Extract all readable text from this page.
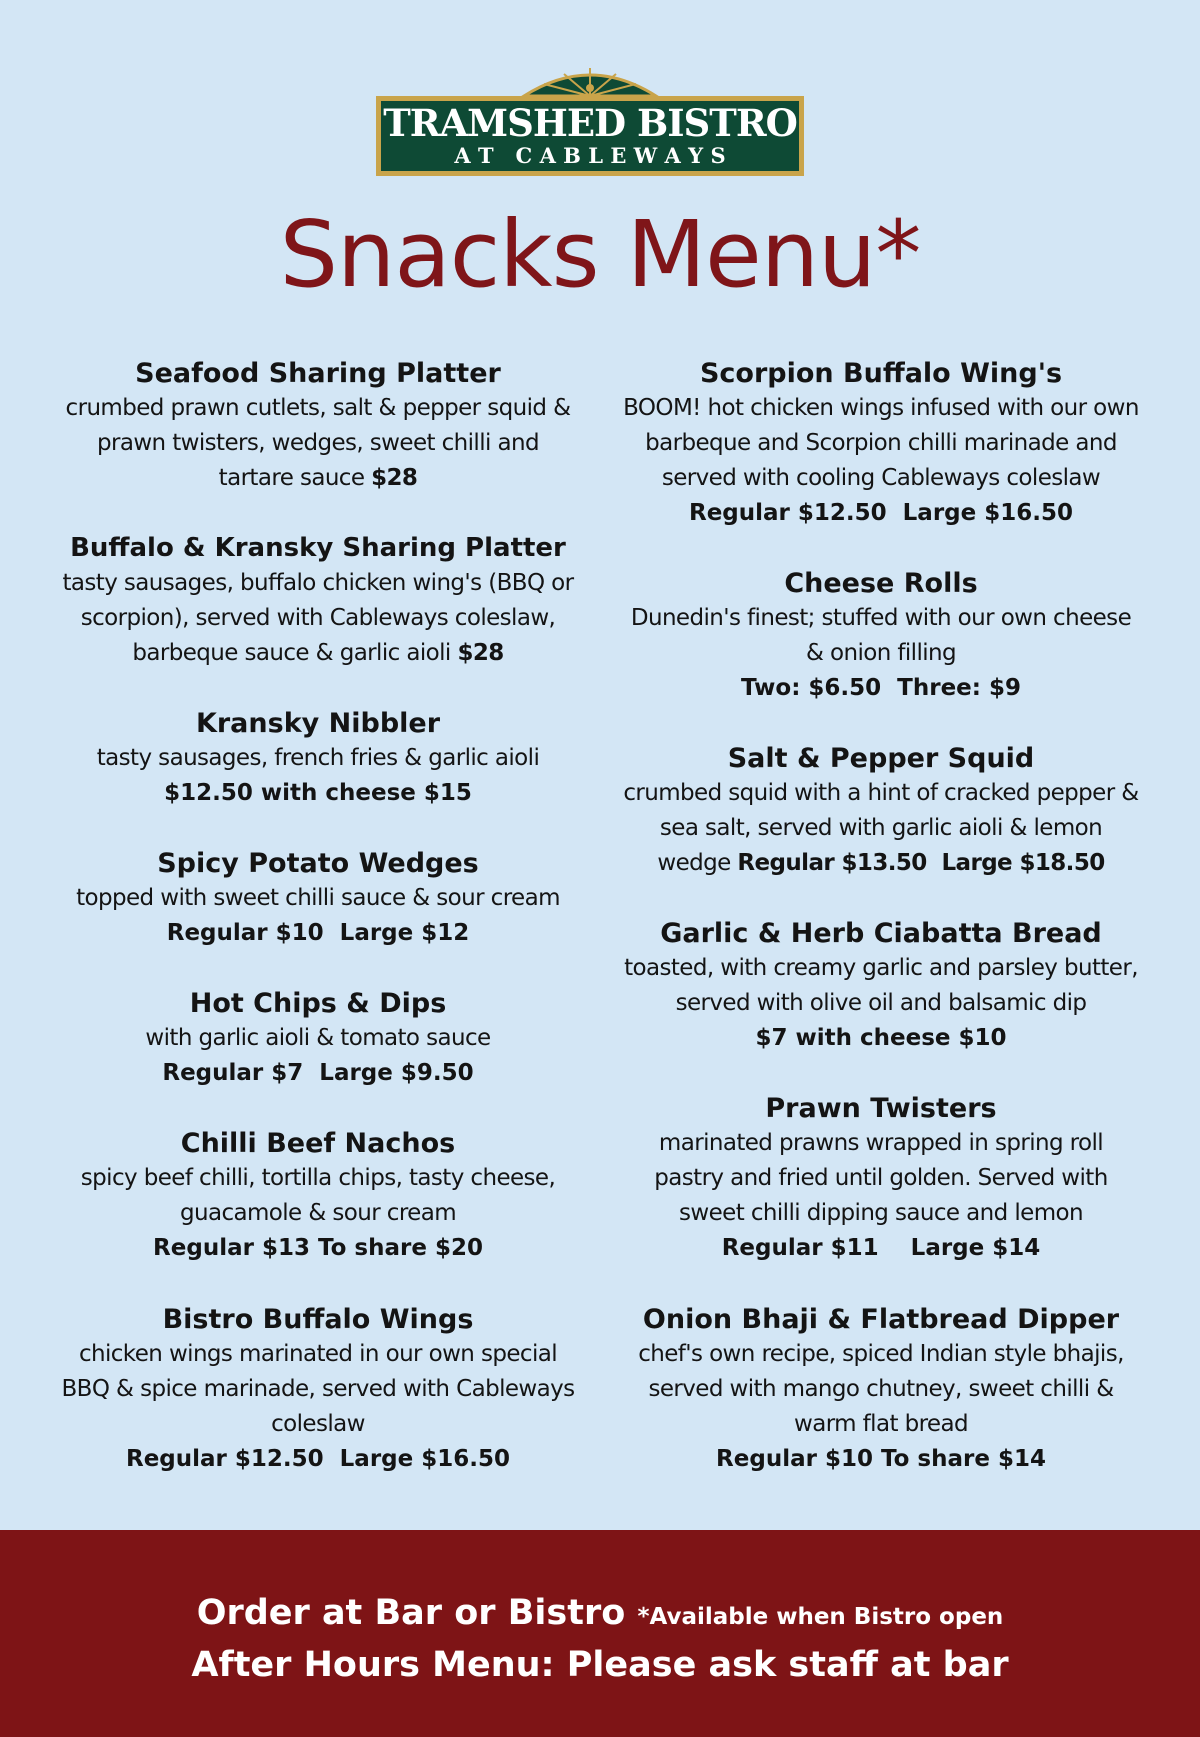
TRAMSHED BISTRO
A T   C A B L E W A Y S
Snacks Menu*
Seafood Sharing Platter
crumbed prawn cutlets, salt & pepper squid & prawn twisters, wedges, sweet chilli and tartare sauce $28
Buffalo & Kransky Sharing Platter
tasty sausages, buffalo chicken wing's (BBQ or scorpion), served with Cableways coleslaw, barbeque sauce & garlic aioli $28
Kransky Nibbler
tasty sausages, french fries & garlic aioli
$12.50 with cheese $15
Spicy Potato Wedges
topped with sweet chilli sauce & sour cream
Regular $10  Large $12
Hot Chips & Dips
with garlic aioli & tomato sauce
Regular $7  Large $9.50
Chilli Beef Nachos
spicy beef chilli, tortilla chips, tasty cheese, guacamole & sour cream
Regular $13 To share $20
Bistro Buffalo Wings
chicken wings marinated in our own special BBQ & spice marinade, served with Cableways coleslaw
Regular $12.50  Large $16.50
Scorpion Buffalo Wing's
BOOM! hot chicken wings infused with our own barbeque and Scorpion chilli marinade and served with cooling Cableways coleslaw
Regular $12.50  Large $16.50
Cheese Rolls
Dunedin's finest; stuffed with our own cheese & onion filling
Two: $6.50  Three: $9
Salt & Pepper Squid
crumbed squid with a hint of cracked pepper & sea salt, served with garlic aioli & lemon wedge Regular $13.50  Large $18.50
Garlic & Herb Ciabatta Bread
toasted, with creamy garlic and parsley butter, served with olive oil and balsamic dip
$7 with cheese $10
Prawn Twisters
marinated prawns wrapped in spring roll pastry and fried until golden. Served with sweet chilli dipping sauce and lemon
Regular $11    Large $14
Onion Bhaji & Flatbread Dipper
chef's own recipe, spiced Indian style bhajis, served with mango chutney, sweet chilli & warm flat bread
Regular $10 To share $14
Order at Bar or Bistro *Available when Bistro open
After Hours Menu: Please ask staff at bar
